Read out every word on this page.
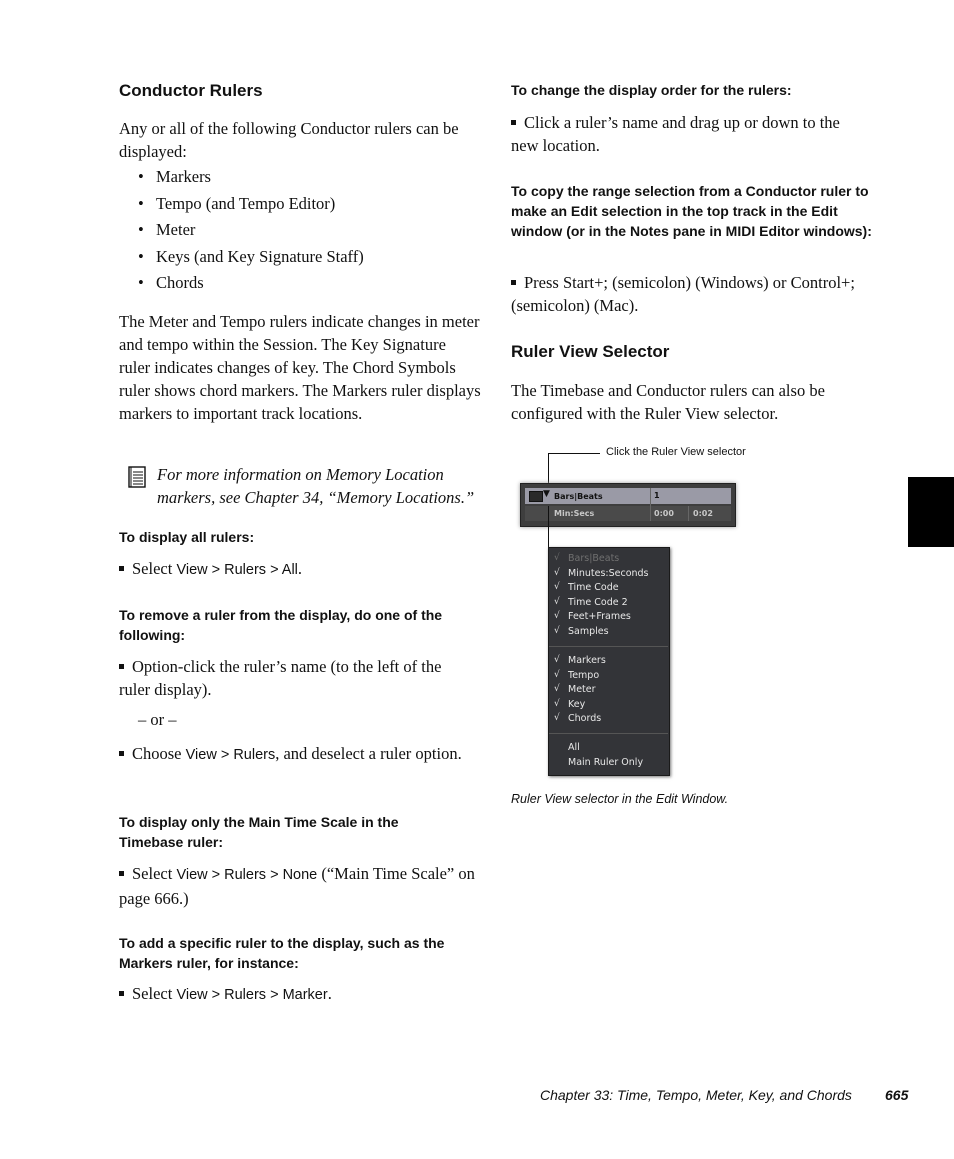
Conductor Rulers

Any or all of the following Conductor rulers can be displayed:

• Markers
• Tempo (and Tempo Editor)
• Meter
• Keys (and Key Signature Staff)
• Chords

The Meter and Tempo rulers indicate changes in meter and tempo within the Session. The Key Signature ruler indicates changes of key. The Chord Symbols ruler shows chord markers. The Markers ruler displays markers to important track locations.

For more information on Memory Location markers, see Chapter 34, “Memory Locations.”

To display all rulers:

Select View > Rulers > All.

To remove a ruler from the display, do one of the following:

Option-click the ruler’s name (to the left of the ruler display).

– or –

Choose View > Rulers, and deselect a ruler option.

To display only the Main Time Scale in the Timebase ruler:

Select View > Rulers > None (“Main Time Scale” on page 666.)

To add a specific ruler to the display, such as the Markers ruler, for instance:

Select View > Rulers > Marker.

To change the display order for the rulers:

Click a ruler’s name and drag up or down to the new location.

To copy the range selection from a Conductor ruler to make an Edit selection in the top track in the Edit window (or in the Notes pane in MIDI Editor windows):

Press Start+; (semicolon) (Windows) or Control+; (semicolon) (Mac).

Ruler View Selector

The Timebase and Conductor rulers can also be configured with the Ruler View selector.

Click the Ruler View selector
▼ Bars|Beats	1
Min:Secs	0:00 0:02
Bars|Beats
√
Minutes:Seconds
√
Time Code
√
Time Code 2
√
Feet+Frames
√
Samples
√
Markers
√
Tempo
√
Meter
√
Key
√
Chords
√
All
Main Ruler Only
Ruler View selector in the Edit Window.
Chapter 33: Time, Tempo, Meter, Key, and Chords 665
